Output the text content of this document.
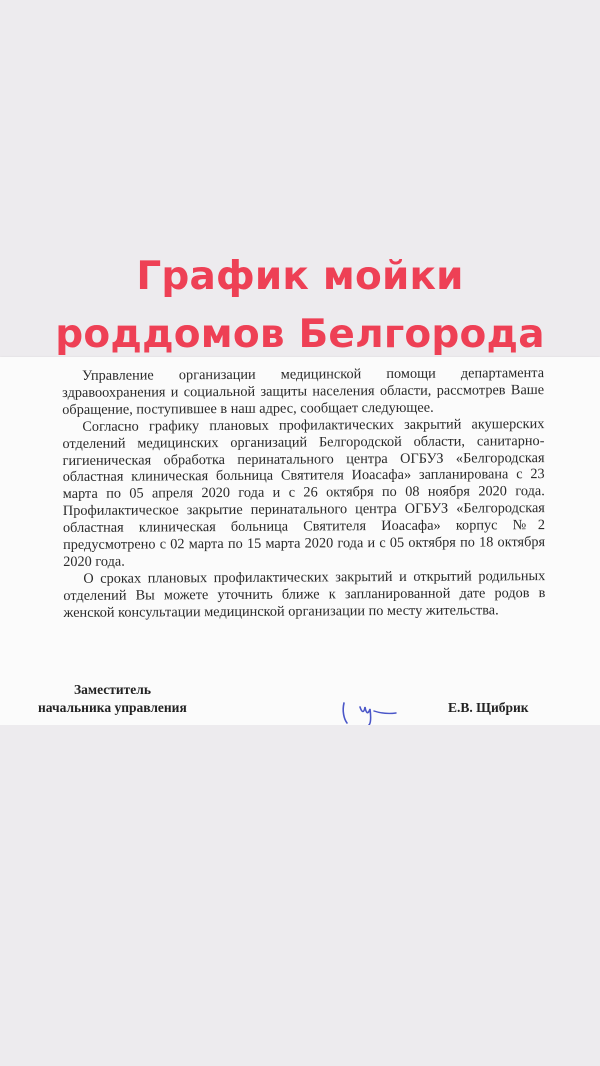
Управление организации медицинской помощи департамента здравоохранения и социальной защиты населения области, рассмотрев Ваше обращение, поступившее в наш адрес, сообщает следующее.

Согласно графику плановых профилактических закрытий акушерских отделений медицинских организаций Белгородской области, санитарно-гигиеническая обработка перинатального центра ОГБУЗ «Белгородская областная клиническая больница Святителя Иоасафа» запланирована с 23 марта по 05 апреля 2020 года и с 26 октября по 08 ноября 2020 года. Профилактическое закрытие перинатального центра ОГБУЗ «Белгородская областная клиническая больница Святителя Иоасафа» корпус №2 предусмотрено с 02 марта по 15 марта 2020 года и с 05 октября по 18 октября 2020 года.

О сроках плановых профилактических закрытий и открытий родильных отделений Вы можете уточнить ближе к запланированной дате родов в женской консультации медицинской организации по месту жительства.

Заместитель
начальника управления	Е.В. Щибрик
График мойки
роддомов Белгорода
